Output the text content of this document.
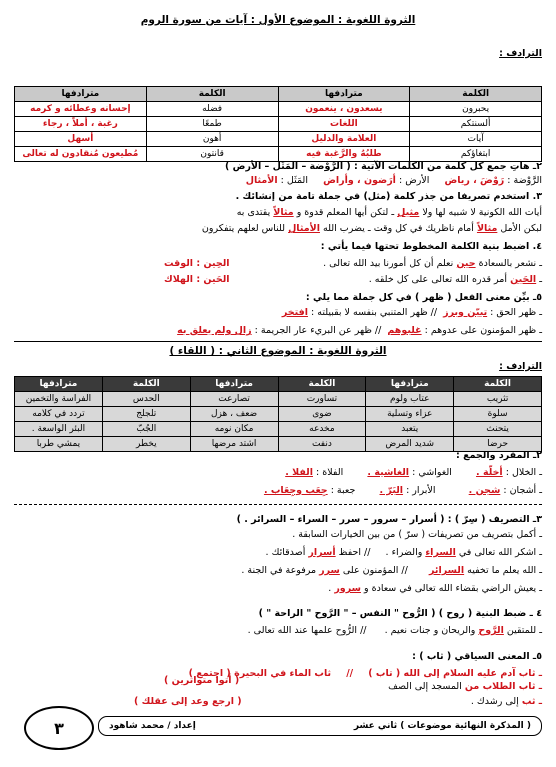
الثروة اللغوية : الموضوع الأول : آيات من سورة الروم
الترادف :
الكلمة	مترادفها	الكلمة	مترادفها
يحبرون	يسعدون ، ينعمون	فضله	إحسانه وعطائه و كرمه
ألسنتكم	اللغات	طمعًا	رغبة ، أملاً ، رجاء
آيات	العلامة والدليل	أهون	أسهل
ابتغاؤكم	طلبُهُ والرَّغبة فيه	قانتون	مُطيعون مُنقادون له تعالى
٢ـ هاتِ جمع كل كلمة من الكلمات الآتية : ( الرَّوْضة – المَثَل – الأرض )
الرَّوْضة : رَوْضَ ، رياض     الأرض : أرَضون ، وأراض     المَثَل : الأمثال
٣. استخدم تصريفا من جذر كلمة (مثل) في جملة تامة من إنشائك .
أيات الله الكونية لا شبيه لها ولا مثيل ـ لتكن أيها المعلم قدوة و مثالاً يقتدى به
لبكن الأمل مثالاً أمام ناظريك في كل وقت ـ يضرب الله الأمثال للناس لعلهم يتفكرون
٤. اضبط بنية الكلمة المخطوط تحتها فيما يأتي :
ـ نشعر بالسعادة حين نعلم أن كل أمورنا بيد الله تعالى .
الحِين : الوقت
ـ الحَين أمر قدره الله تعالى على كل خلقه .
الحَين : الهلاك
٥ـ بيِّن معنى الفعل ( ظهر ) في كل جملة مما يلي :
ـ ظهر الحق : تبيّن وبرز  // ظهر المتنبي بنفسه لا بقبيلته : افتخر
ـ ظهر المؤمنون على عدوهم : غلبوهم  // ظهر عن البريء عار الجريمة : زال ولم يعلق به
الثروة اللغوية : الموضوع الثاني : ( اللقاء )
الترادف :
الكلمة	مترادفها	الكلمة	مترادفها	الكلمة	مترادفها
تثريب	عتاب ولوم	تساورت	تصارعت	الحدس	الفراسة والتخمين
سلوة	عزاء وتسلية	ضوى	ضعف ، هزل	تلجلج	تردد في كلامه
يتحنث	يتعبد	مخدعه	مكان نومه	الجُبّ	البئر الواسعة .
حرضا	شديد المرض	دنفت	اشتد مرضها	يخطر	يمشي طربا
٢ـ المفرد والجمع :
ـ الخلال : أخلّة .        الغواشي : الغاشية .        الفلاة : الفلا .
ـ أشجان : شجن .           الأبرار : البَرّ .        جعبة : جِعَب وجِعَاب .
٣ـ التصريف ( سِرّ ) : ( أسرار – سرور – سرر – السراء – السرائر . )
ـ أكمل بتصريف من تصريفات ( سرّ ) من بين الخيارات السابقة .
ـ اشكر الله تعالى في السراء والضراء .     // احفظ أسرار أصدقائك .
ـ الله يعلم ما تخفيه السرائر       // المؤمنون على سرر مرفوعة في الجنة .
ـ يعيش الراضي بقضاء الله تعالى في سعادة و سرور .
٤ ـ ضبط البنية ( روح ) ( الرُّوح " النفس – " الرَّوح " الراحة " )
ـ للمتقين الرَّوح والريحان و جنات نعيم .      // الرُّوح علمها عند الله تعالى .
٥ـ المعنى السياقي ( ثاب ) :
ـ ثاب آدم عليه السلام إلى الله ( تاب )     //     ثاب الماء في البحيرة ( اجتمع )
ـ ثاب الطلاب من المسجد إلى الصف
( أتوا متواترين )
ـ ثب إلى رشدك .
( ارجع وعد إلى عقلك )
( المذكرة النهائية موضوعات ) ثاني عشر
إعداد / محمد شاهود
٣
